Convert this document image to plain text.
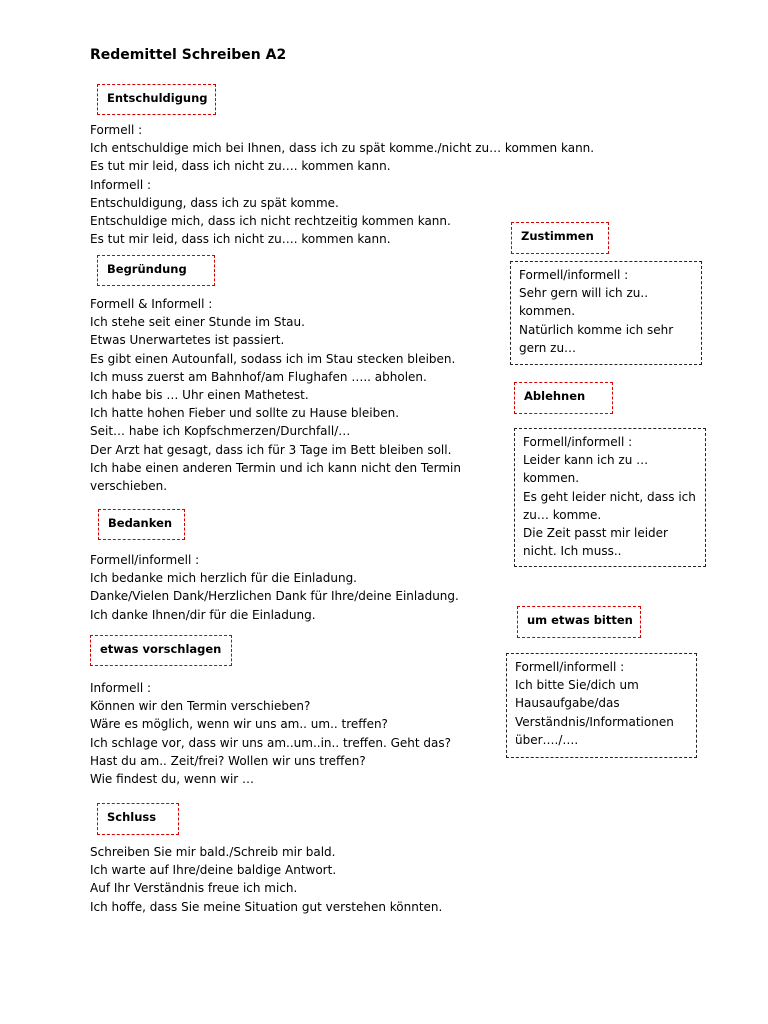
Redemittel Schreiben A2
Entschuldigung
Formell :
Ich entschuldige mich bei Ihnen, dass ich zu spät komme./nicht zu… kommen kann.
Es tut mir leid, dass ich nicht zu…. kommen kann.
Informell :
Entschuldigung, dass ich zu spät komme.
Entschuldige mich, dass ich nicht rechtzeitig kommen kann.
Es tut mir leid, dass ich nicht zu…. kommen kann.
Begründung
Formell & Informell :
Ich stehe seit einer Stunde im Stau.
Etwas Unerwartetes ist passiert.
Es gibt einen Autounfall, sodass ich im Stau stecken bleiben.
Ich muss zuerst am Bahnhof/am Flughafen ….. abholen.
Ich habe bis … Uhr einen Mathetest.
Ich hatte hohen Fieber und sollte zu Hause bleiben.
Seit… habe ich Kopfschmerzen/Durchfall/…
Der Arzt hat gesagt, dass ich für 3 Tage im Bett bleiben soll.
Ich habe einen anderen Termin und ich kann nicht den Termin
verschieben.
Bedanken
Formell/informell :
Ich bedanke mich herzlich für die Einladung.
Danke/Vielen Dank/Herzlichen Dank für Ihre/deine Einladung.
Ich danke Ihnen/dir für die Einladung.
etwas vorschlagen
Informell :
Können wir den Termin verschieben?
Wäre es möglich, wenn wir uns am.. um.. treffen?
Ich schlage vor, dass wir uns am..um..in.. treffen. Geht das?
Hast du am.. Zeit/frei? Wollen wir uns treffen?
Wie findest du, wenn wir …
Schluss
Schreiben Sie mir bald./Schreib mir bald.
Ich warte auf Ihre/deine baldige Antwort.
Auf Ihr Verständnis freue ich mich.
Ich hoffe, dass Sie meine Situation gut verstehen könnten.
Zustimmen
Formell/informell :
Sehr gern will ich zu..
kommen.
Natürlich komme ich sehr
gern zu…
Ablehnen
Formell/informell :
Leider kann ich zu …
kommen.
Es geht leider nicht, dass ich
zu… komme.
Die Zeit passt mir leider
nicht. Ich muss..
um etwas bitten
Formell/informell :
Ich bitte Sie/dich um
Hausaufgabe/das
Verständnis/Informationen
über…./….
